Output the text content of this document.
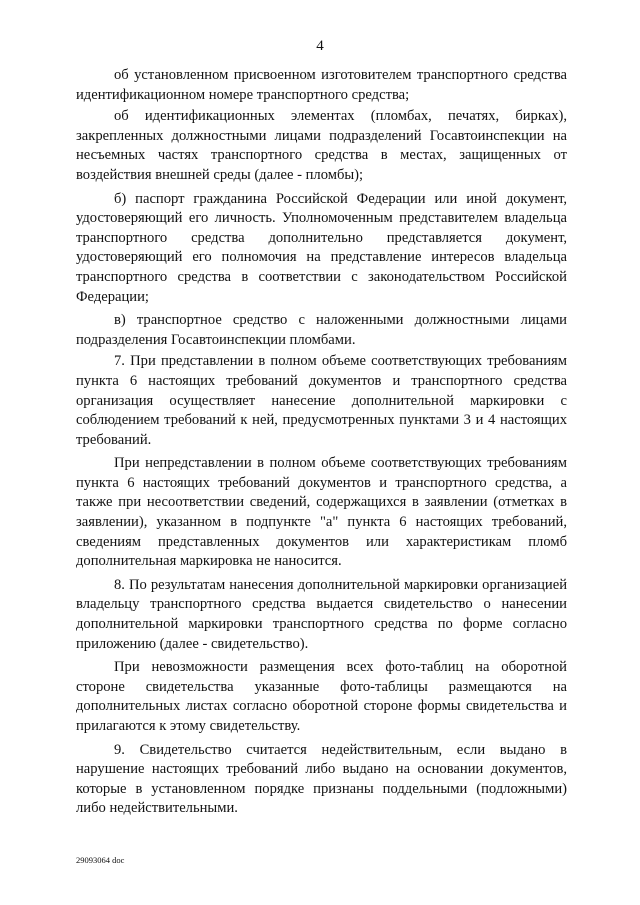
4

об установленном присвоенном изготовителем транспортного средства идентификационном номере транспортного средства;

об идентификационных элементах (пломбах, печатях, бирках), закрепленных должностными лицами подразделений Госавтоинспекции на несъемных частях транспортного средства в местах, защищенных от воздействия внешней среды (далее - пломбы);

б) паспорт гражданина Российской Федерации или иной документ, удостоверяющий его личность. Уполномоченным представителем владельца транспортного средства дополнительно представляется документ, удостоверяющий его полномочия на представление интересов владельца транспортного средства в соответствии с законодательством Российской Федерации;

в) транспортное средство с наложенными должностными лицами подразделения Госавтоинспекции пломбами.

7. При представлении в полном объеме соответствующих требованиям пункта 6 настоящих требований документов и транспортного средства организация осуществляет нанесение дополнительной маркировки с соблюдением требований к ней, предусмотренных пунктами 3 и 4 настоящих требований.

При непредставлении в полном объеме соответствующих требованиям пункта 6 настоящих требований документов и транспортного средства, а также при несоответствии сведений, содержащихся в заявлении (отметках в заявлении), указанном в подпункте "а" пункта 6 настоящих требований, сведениям представленных документов или характеристикам пломб дополнительная маркировка не наносится.

8. По результатам нанесения дополнительной маркировки организацией владельцу транспортного средства выдается свидетельство о нанесении дополнительной маркировки транспортного средства по форме согласно приложению (далее - свидетельство).

При невозможности размещения всех фото-таблиц на оборотной стороне свидетельства указанные фото-таблицы размещаются на дополнительных листах согласно оборотной стороне формы свидетельства и прилагаются к этому свидетельству.

9. Свидетельство считается недействительным, если выдано в нарушение настоящих требований либо выдано на основании документов, которые в установленном порядке признаны поддельными (подложными) либо недействительными.

29093064 doc
